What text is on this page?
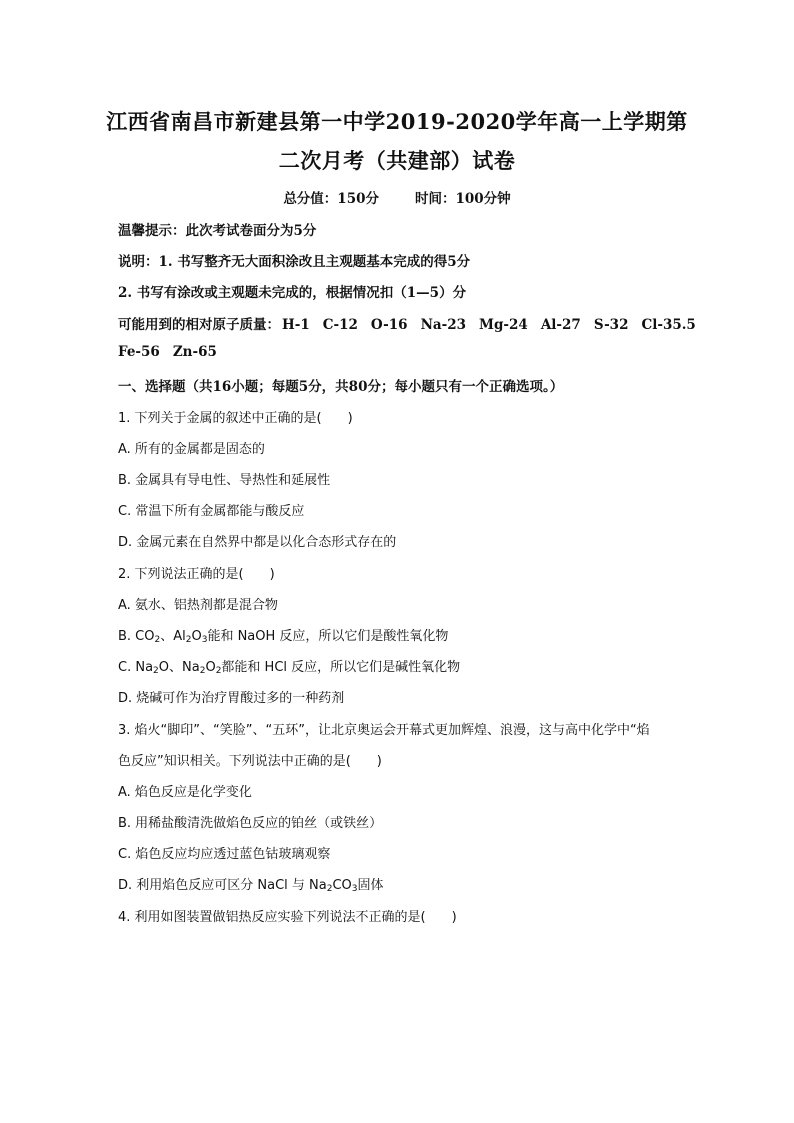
江西省南昌市新建县第一中学2019-2020学年高一上学期第
二次月考（共建部）试卷
总分值：150分	时间：100分钟
温馨提示：此次考试卷面分为5分
说明：1. 书写整齐无大面积涂改且主观题基本完成的得5分
2. 书写有涂改或主观题未完成的，根据情况扣（1—5）分
可能用到的相对原子质量： H-1 C-12 O-16 Na-23 Mg-24 Al-27 S-32 Cl-35.5
Fe-56 Zn-65
一、选择题（共16小题；每题5分，共80分；每小题只有一个正确选项。）
1. 下列关于金属的叙述中正确的是(　　)
A. 所有的金属都是固态的
B. 金属具有导电性、导热性和延展性
C. 常温下所有金属都能与酸反应
D. 金属元素在自然界中都是以化合态形式存在的
2. 下列说法正确的是(　　)
A. 氨水、铝热剂都是混合物
B. $CO_2$、$Al_2O_3$能和 NaOH 反应，所以它们是酸性氧化物
C. $Na_2O$、$Na_2O_2$都能和 HCl 反应，所以它们是碱性氧化物
D. 烧碱可作为治疗胃酸过多的一种药剂
3. 焰火“脚印”、“笑脸”、“五环”，让北京奥运会开幕式更加辉煌、浪漫，这与高中化学中“焰
色反应”知识相关。下列说法中正确的是(　　)
A. 焰色反应是化学变化
B. 用稀盐酸清洗做焰色反应的铂丝（或铁丝）
C. 焰色反应均应透过蓝色钴玻璃观察
D. 利用焰色反应可区分 NaCl 与 $Na_2CO_3$固体
4. 利用如图装置做铝热反应实验下列说法不正确的是(　　)
